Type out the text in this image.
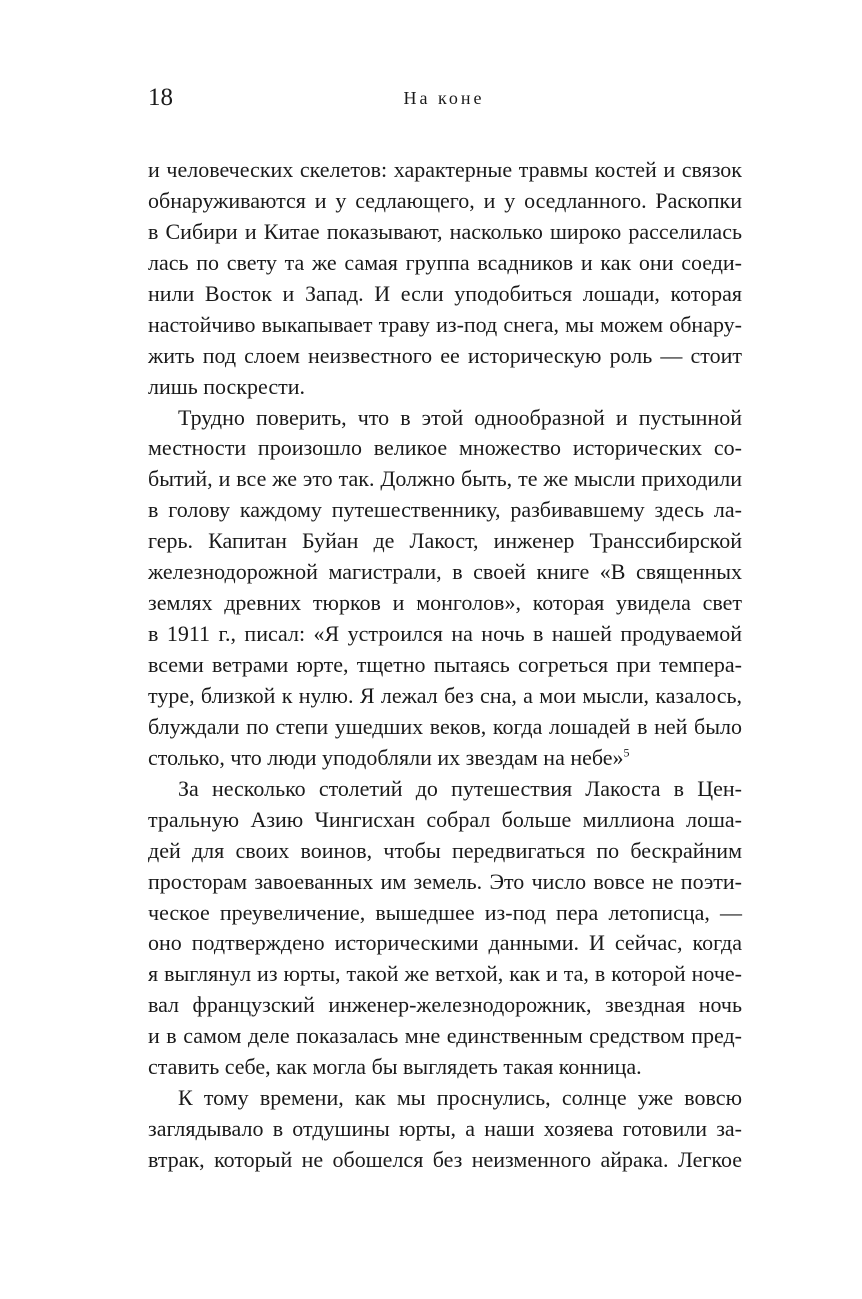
18	На коне
и человеческих скелетов: характерные травмы костей и связок
обнаруживаются и у седлающего, и у оседланного. Раскопки
в Сибири и Китае показывают, насколько широко расселилась
лась по свету та же самая группа всадников и как они соеди-
нили Восток и Запад. И если уподобиться лошади, которая
настойчиво выкапывает траву из-под снега, мы можем обнару-
жить под слоем неизвестного ее историческую роль — стоит
лишь поскрести.
Трудно поверить, что в этой однообразной и пустынной
местности произошло великое множество исторических со-
бытий, и все же это так. Должно быть, те же мысли приходили
в голову каждому путешественнику, разбивавшему здесь ла-
герь. Капитан Буйан де Лакост, инженер Транссибирской
железнодорожной магистрали, в своей книге «В священных
землях древних тюрков и монголов», которая увидела свет
в 1911 г., писал: «Я устроился на ночь в нашей продуваемой
всеми ветрами юрте, тщетно пытаясь согреться при темпера-
туре, близкой к нулю. Я лежал без сна, а мои мысли, казалось,
блуждали по степи ушедших веков, когда лошадей в ней было
столько, что люди уподобляли их звездам на небе»$^5$
За несколько столетий до путешествия Лакоста в Цен-
тральную Азию Чингисхан собрал больше миллиона лоша-
дей для своих воинов, чтобы передвигаться по бескрайним
просторам завоеванных им земель. Это число вовсе не поэти-
ческое преувеличение, вышедшее из-под пера летописца, —
оно подтверждено историческими данными. И сейчас, когда
я выглянул из юрты, такой же ветхой, как и та, в которой ноче-
вал французский инженер-железнодорожник, звездная ночь
и в самом деле показалась мне единственным средством пред-
ставить себе, как могла бы выглядеть такая конница.
К тому времени, как мы проснулись, солнце уже вовсю
заглядывало в отдушины юрты, а наши хозяева готовили за-
втрак, который не обошелся без неизменного айрака. Легкое
